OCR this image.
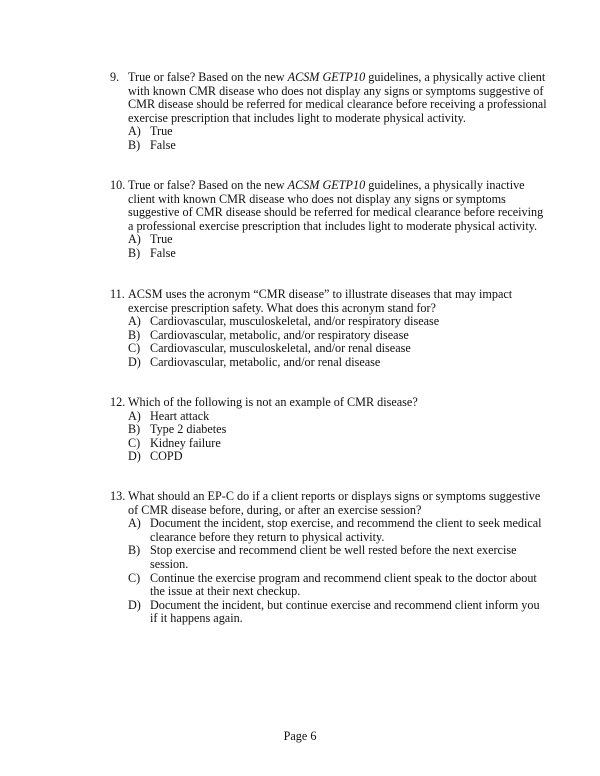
9. True or false? Based on the new ACSM GETP10 guidelines, a physically active client with known CMR disease who does not display any signs or symptoms suggestive of CMR disease should be referred for medical clearance before receiving a professional exercise prescription that includes light to moderate physical activity.
A) True
B) False
10. True or false? Based on the new ACSM GETP10 guidelines, a physically inactive client with known CMR disease who does not display any signs or symptoms suggestive of CMR disease should be referred for medical clearance before receiving a professional exercise prescription that includes light to moderate physical activity.
A) True
B) False
11. ACSM uses the acronym “CMR disease” to illustrate diseases that may impact exercise prescription safety. What does this acronym stand for?
A) Cardiovascular, musculoskeletal, and/or respiratory disease
B) Cardiovascular, metabolic, and/or respiratory disease
C) Cardiovascular, musculoskeletal, and/or renal disease
D) Cardiovascular, metabolic, and/or renal disease
12. Which of the following is not an example of CMR disease?
A) Heart attack
B) Type 2 diabetes
C) Kidney failure
D) COPD
13. What should an EP-C do if a client reports or displays signs or symptoms suggestive of CMR disease before, during, or after an exercise session?
A) Document the incident, stop exercise, and recommend the client to seek medical clearance before they return to physical activity.
B) Stop exercise and recommend client be well rested before the next exercise session.
C) Continue the exercise program and recommend client speak to the doctor about the issue at their next checkup.
D) Document the incident, but continue exercise and recommend client inform you if it happens again.
Page 6
